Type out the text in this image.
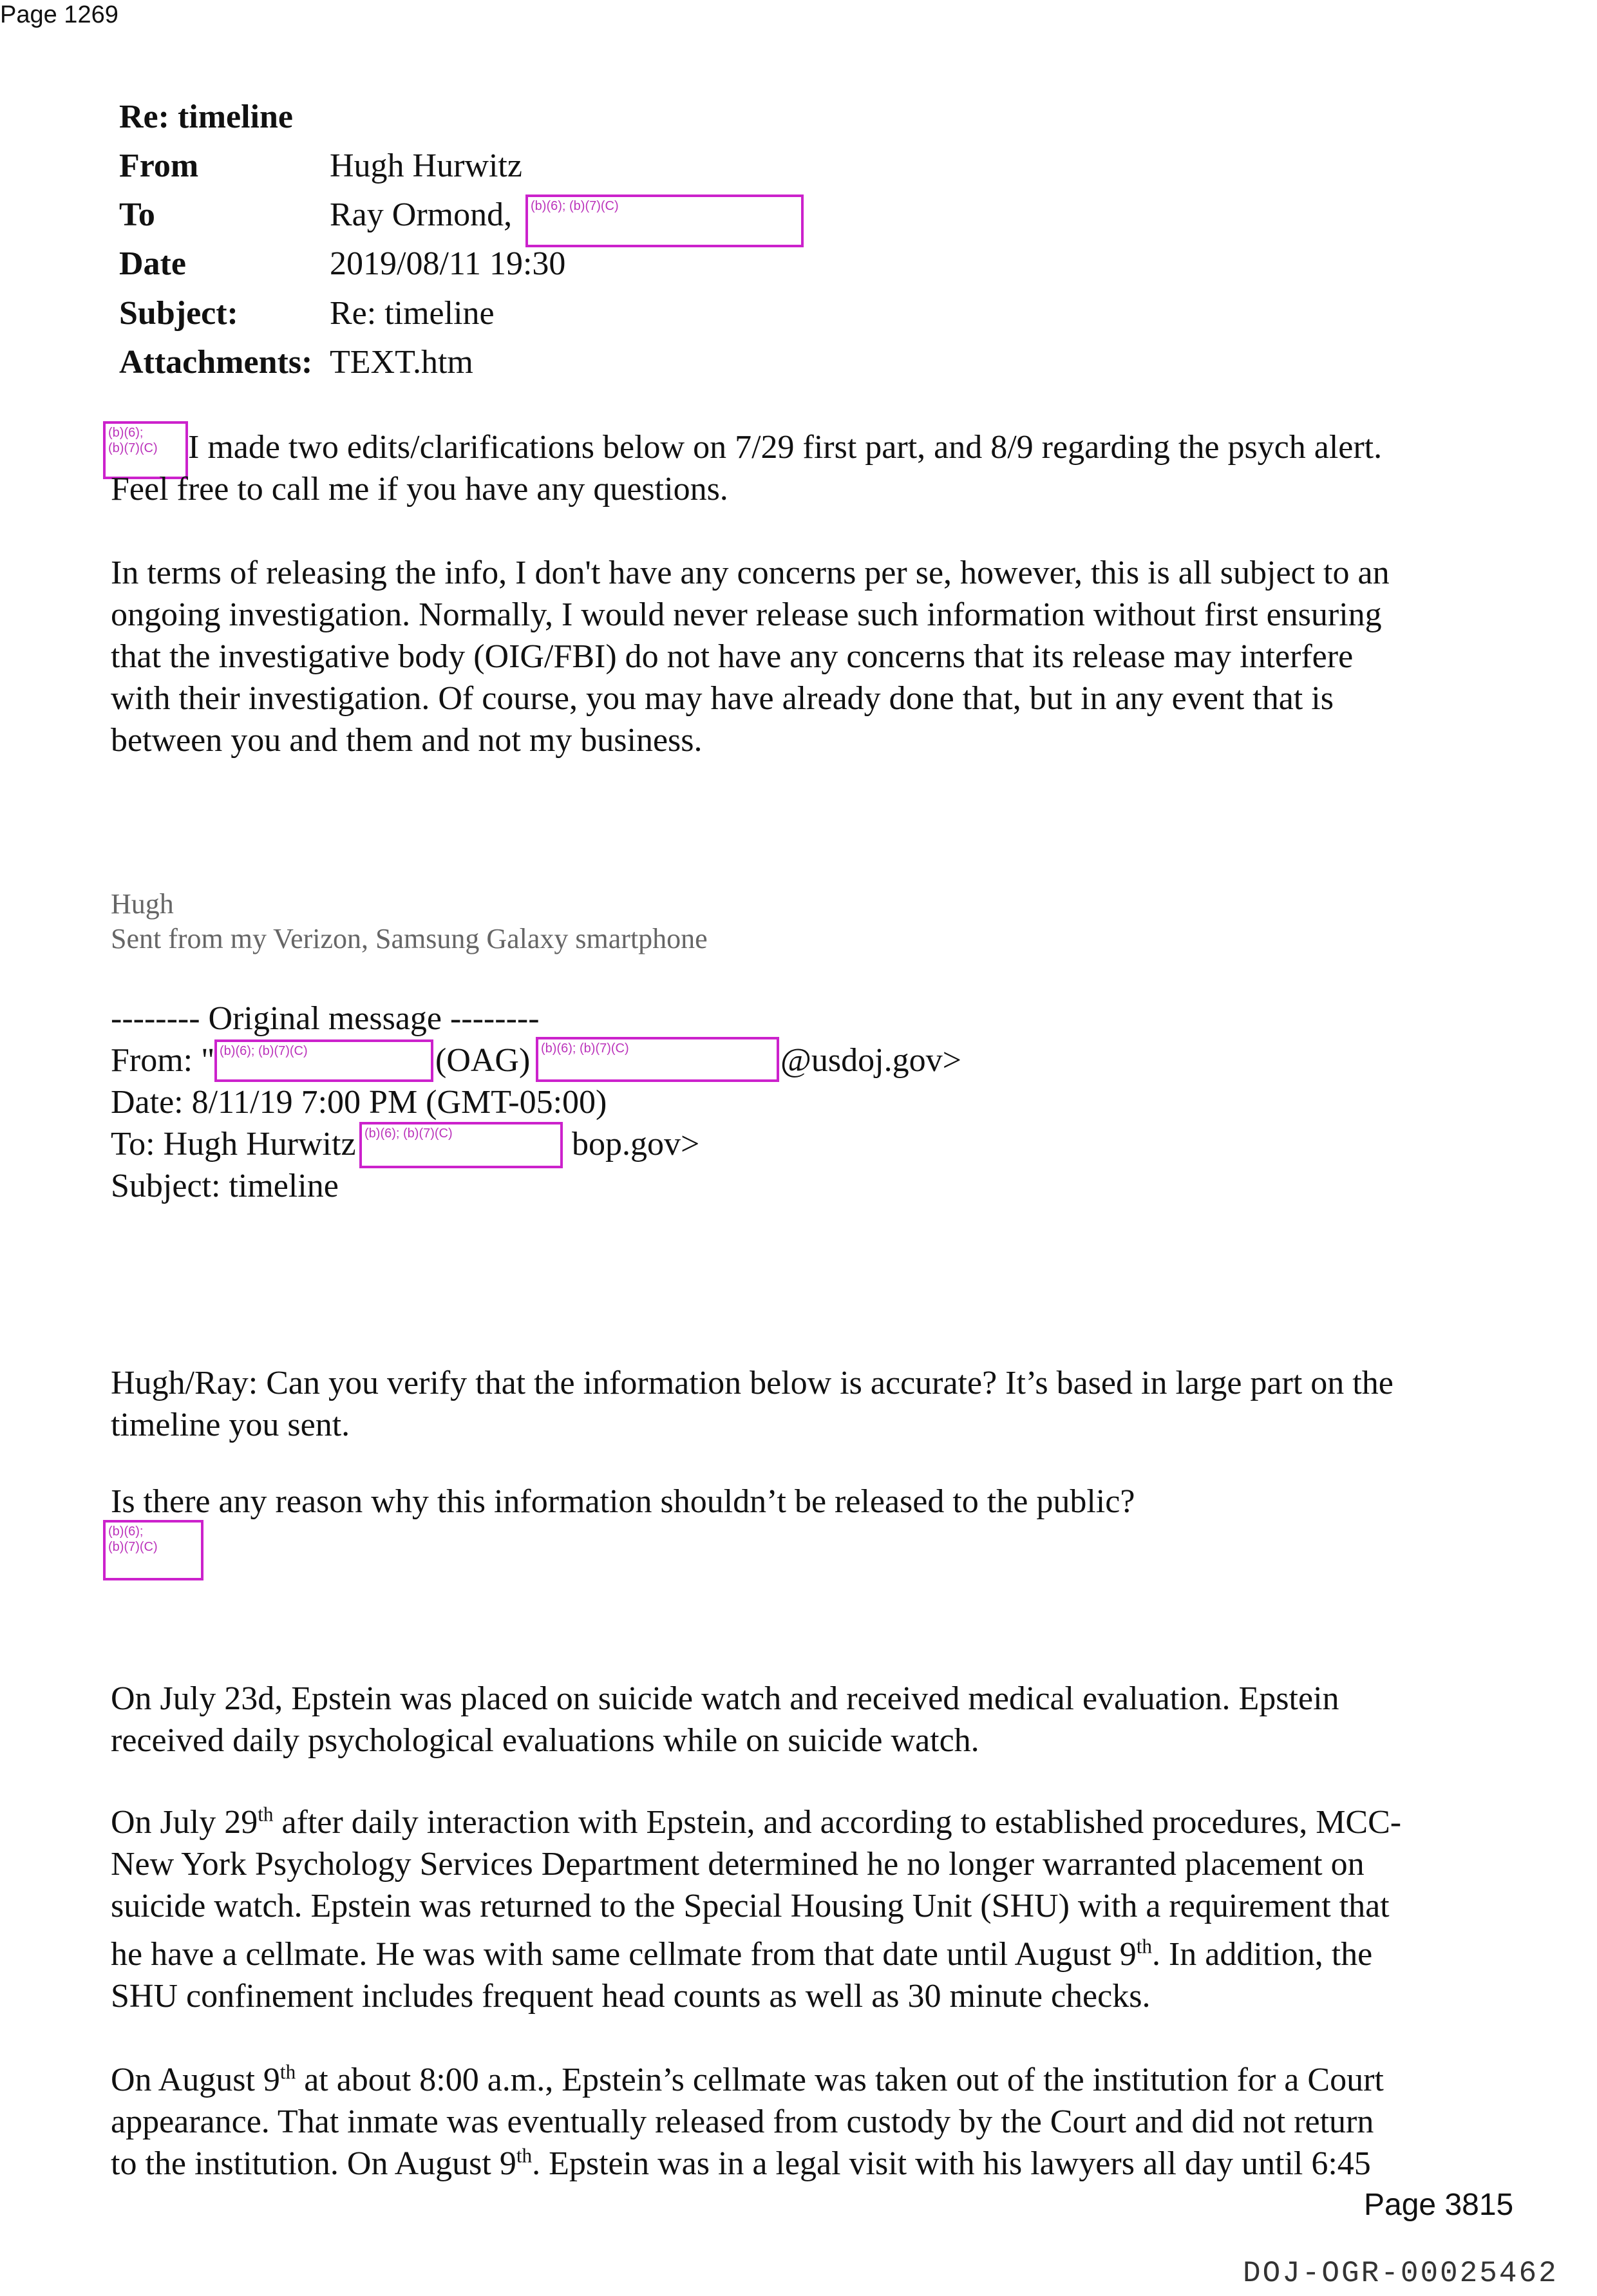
Page 1269
Re: timeline
From	Hugh Hurwitz
To	Ray Ormond, (b)(6); (b)(7)(C)
Date	2019/08/11 19:30
Subject:	Re: timeline
Attachments: TEXT.htm
(b)(6);
(b)(7)(C) I made two edits/clarifications below on 7/29 first part, and 8/9 regarding the psych alert.
Feel free to call me if you have any questions.
In terms of releasing the info, I don't have any concerns per se, however, this is all subject to an
ongoing investigation. Normally, I would never release such information without first ensuring
that the investigative body (OIG/FBI) do not have any concerns that its release may interfere
with their investigation. Of course, you may have already done that, but in any event that is
between you and them and not my business.
Hugh
Sent from my Verizon, Samsung Galaxy smartphone
-------- Original message --------
From: " (b)(6); (b)(7)(C)	(OAG) (b)(6); (b)(7)(C)	@usdoj.gov>
Date: 8/11/19 7:00 PM (GMT-05:00)
To: Hugh Hurwitz (b)(6); (b)(7)(C)	bop.gov>
Subject: timeline
Hugh/Ray: Can you verify that the information below is accurate? It’s based in large part on the
timeline you sent.
Is there any reason why this information shouldn’t be released to the public?
(b)(6);
(b)(7)(C)
On July 23d, Epstein was placed on suicide watch and received medical evaluation. Epstein
received daily psychological evaluations while on suicide watch.
On July 29th after daily interaction with Epstein, and according to established procedures, MCC-
New York Psychology Services Department determined he no longer warranted placement on
suicide watch. Epstein was returned to the Special Housing Unit (SHU) with a requirement that
he have a cellmate. He was with same cellmate from that date until August 9th. In addition, the
SHU confinement includes frequent head counts as well as 30 minute checks.
On August 9th at about 8:00 a.m., Epstein’s cellmate was taken out of the institution for a Court
appearance. That inmate was eventually released from custody by the Court and did not return
to the institution. On August 9th. Epstein was in a legal visit with his lawyers all day until 6:45
Page 3815
DOJ-OGR-00025462
